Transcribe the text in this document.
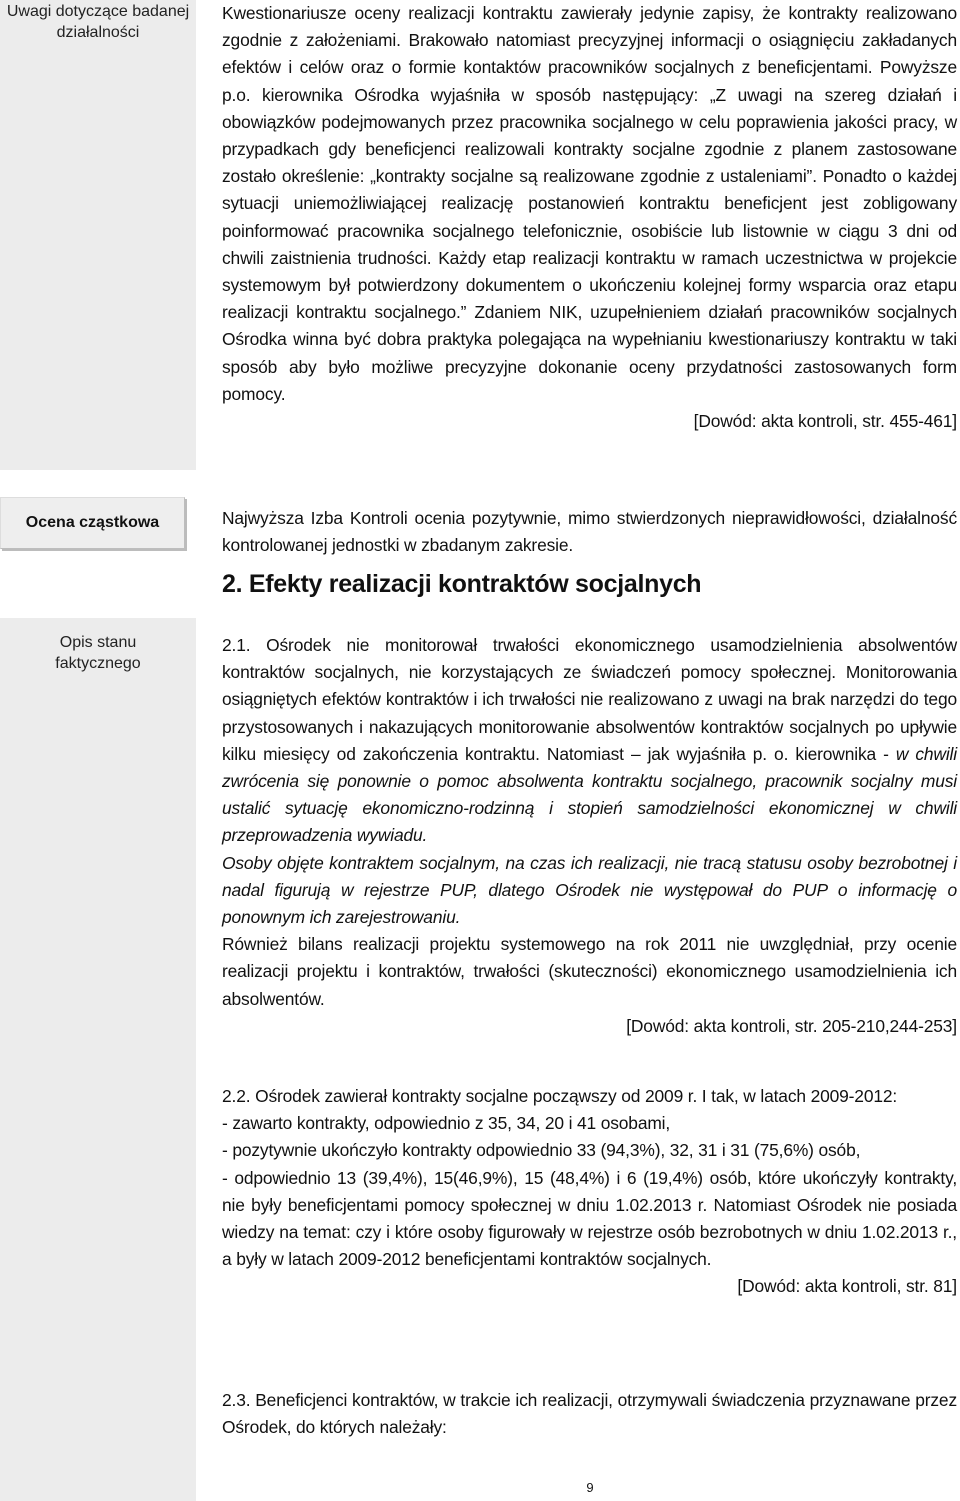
Uwagi dotyczące badanej działalności
Ocena cząstkowa
Opis stanu faktycznego

Kwestionariusze oceny realizacji kontraktu zawierały jedynie zapisy, że kontrakty realizowano zgodnie z założeniami. Brakowało natomiast precyzyjnej informacji o osiągnięciu zakładanych efektów i celów oraz o formie kontaktów pracowników socjalnych z beneficjentami. Powyższe p.o. kierownika Ośrodka wyjaśniła w sposób następujący: „Z uwagi na szereg działań i obowiązków podejmowanych przez pracownika socjalnego w celu poprawienia jakości pracy, w przypadkach gdy beneficjenci realizowali kontrakty socjalne zgodnie z planem zastosowane zostało określenie: „kontrakty socjalne są realizowane zgodnie z ustaleniami”. Ponadto o każdej sytuacji uniemożliwiającej realizację postanowień kontraktu beneficjent jest zobligowany poinformować pracownika socjalnego telefonicznie, osobiście lub listownie w ciągu 3 dni od chwili zaistnienia trudności. Każdy etap realizacji kontraktu w ramach uczestnictwa w projekcie systemowym był potwierdzony dokumentem o ukończeniu kolejnej formy wsparcia oraz etapu realizacji kontraktu socjalnego.” Zdaniem NIK, uzupełnieniem działań pracowników socjalnych Ośrodka winna być dobra praktyka polegająca na wypełnianiu kwestionariuszy kontraktu w taki sposób aby było możliwe precyzyjne dokonanie oceny przydatności zastosowanych form pomocy.

[Dowód: akta kontroli, str. 455-461]

Najwyższa Izba Kontroli ocenia pozytywnie, mimo stwierdzonych nieprawidłowości, działalność kontrolowanej jednostki w zbadanym zakresie.

2. Efekty realizacji kontraktów socjalnych

2.1. Ośrodek nie monitorował trwałości ekonomicznego usamodzielnienia absolwentów kontraktów socjalnych, nie korzystających ze świadczeń pomocy społecznej. Monitorowania osiągniętych efektów kontraktów i ich trwałości nie realizowano z uwagi na brak narzędzi do tego przystosowanych i nakazujących monitorowanie absolwentów kontraktów socjalnych po upływie kilku miesięcy od zakończenia kontraktu. Natomiast – jak wyjaśniła p. o. kierownika - w chwili zwrócenia się ponownie o pomoc absolwenta kontraktu socjalnego, pracownik socjalny musi ustalić sytuację ekonomiczno-rodzinną i stopień samodzielności ekonomicznej w chwili przeprowadzenia wywiadu.

Osoby objęte kontraktem socjalnym, na czas ich realizacji, nie tracą statusu osoby bezrobotnej i nadal figurują w rejestrze PUP, dlatego Ośrodek nie występował do PUP o informację o ponownym ich zarejestrowaniu.

Również bilans realizacji projektu systemowego na rok 2011 nie uwzględniał, przy ocenie realizacji projektu i kontraktów, trwałości (skuteczności) ekonomicznego usamodzielnienia ich absolwentów.

[Dowód: akta kontroli, str. 205-210,244-253]

2.2. Ośrodek zawierał kontrakty socjalne począwszy od 2009 r. I tak, w latach 2009-2012:

- zawarto kontrakty, odpowiednio z 35, 34, 20 i 41 osobami,

- pozytywnie ukończyło kontrakty odpowiednio 33 (94,3%), 32, 31 i 31 (75,6%) osób,

- odpowiednio 13 (39,4%), 15(46,9%), 15 (48,4%) i 6 (19,4%) osób, które ukończyły kontrakty, nie były beneficjentami pomocy społecznej w dniu 1.02.2013 r. Natomiast Ośrodek nie posiada wiedzy na temat: czy i które osoby figurowały w rejestrze osób bezrobotnych w dniu 1.02.2013 r., a były w latach 2009-2012 beneficjentami kontraktów socjalnych.

[Dowód: akta kontroli, str. 81]

2.3. Beneficjenci kontraktów, w trakcie ich realizacji, otrzymywali świadczenia przyznawane przez Ośrodek, do których należały:

9
